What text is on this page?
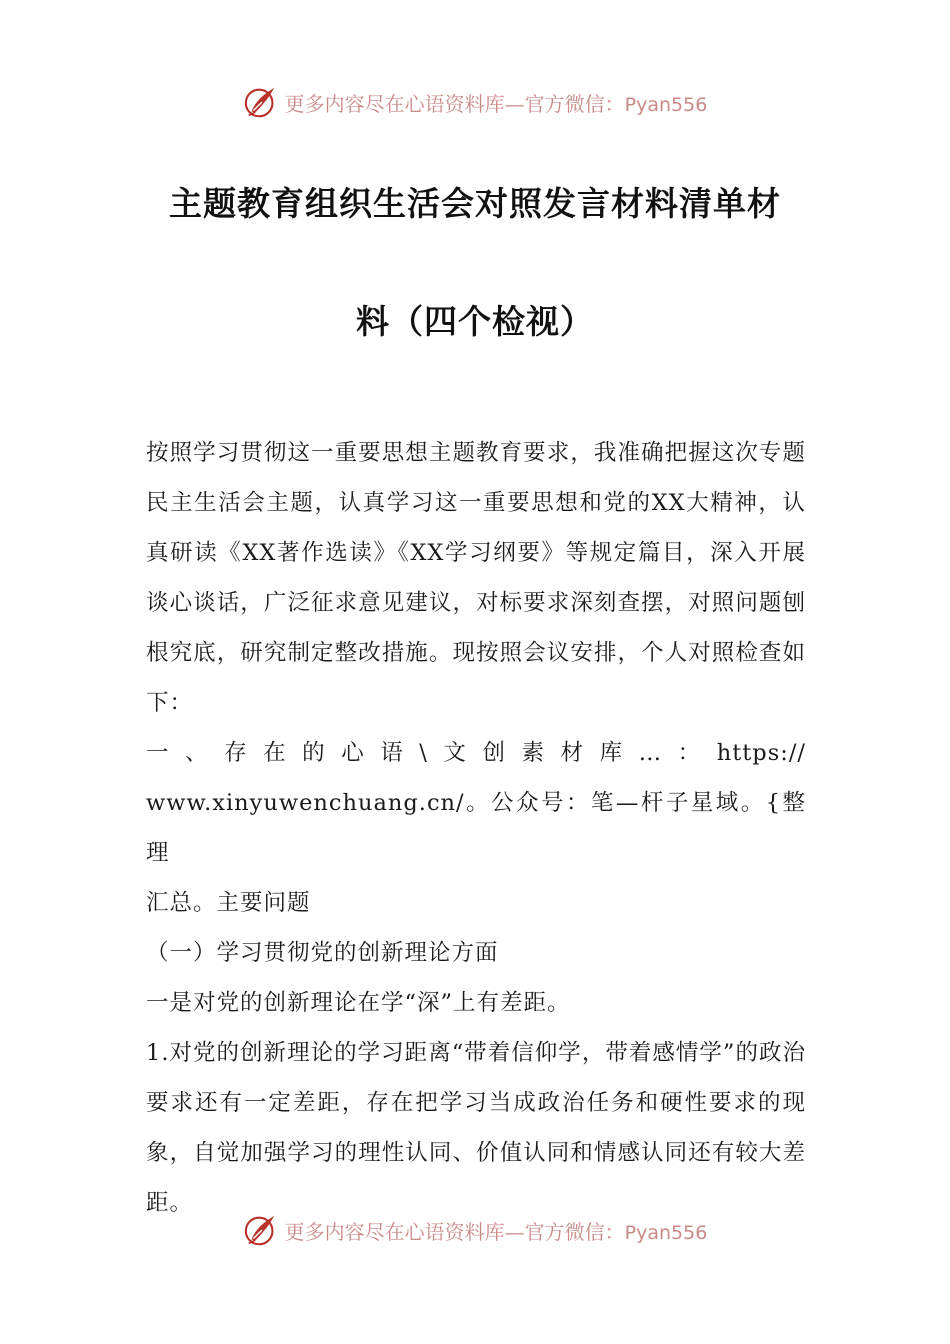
更多内容尽在心语资料库—官方微信：Pyan556
主题教育组织生活会对照发言材料清单材
料（四个检视）

按照学习贯彻这一重要思想主题教育要求，我准确把握这次专题民主生活会主题，认真学习这一重要思想和党的XX大精神，认真研读《XX著作选读》《XX学习纲要》等规定篇目，深入开展谈心谈话，广泛征求意见建议，对标要求深刻查摆，对照问题刨根究底，研究制定整改措施。现按照会议安排，个人对照检查如下：

一、存在的心语\文创素材库…：https://

www.xinyuwenchuang.cn/。公众号：笔—杆子星域。{整理

汇总。主要问题

（一）学习贯彻党的创新理论方面

一是对党的创新理论在学“深”上有差距。

1.对党的创新理论的学习距离“带着信仰学，带着感情学”的政治要求还有一定差距，存在把学习当成政治任务和硬性要求的现象，自觉加强学习的理性认同、价值认同和情感认同还有较大差距。

更多内容尽在心语资料库—官方微信：Pyan556
